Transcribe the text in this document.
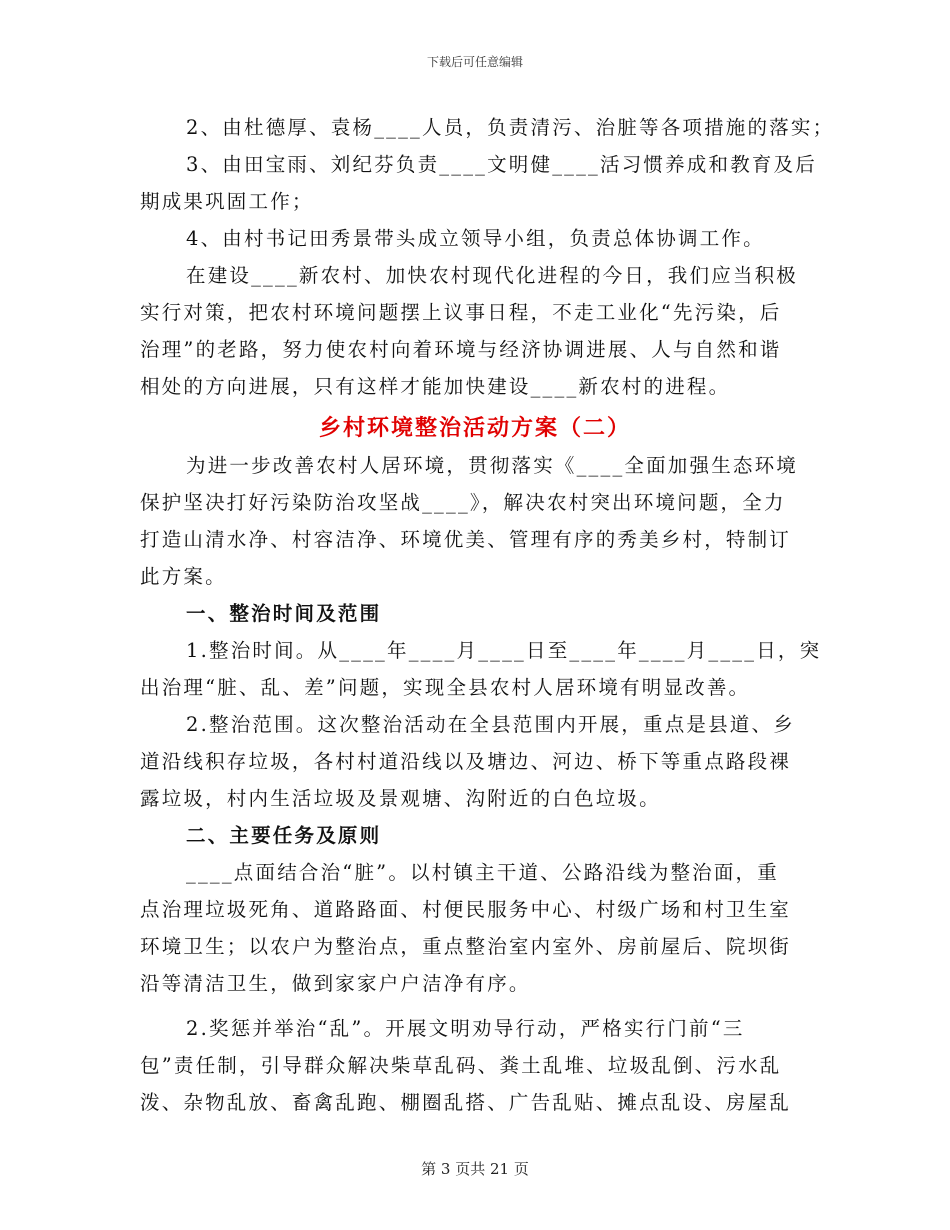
下载后可任意编辑
2、由杜德厚、袁杨____人员，负责清污、治脏等各项措施的落实；
3、由田宝雨、刘纪芬负责____文明健____活习惯养成和教育及后
期成果巩固工作；
4、由村书记田秀景带头成立领导小组，负责总体协调工作。
在建设____新农村、加快农村现代化进程的今日，我们应当积极
实行对策，把农村环境问题摆上议事日程，不走工业化“先污染，后
治理”的老路，努力使农村向着环境与经济协调进展、人与自然和谐
相处的方向进展，只有这样才能加快建设____新农村的进程。
乡村环境整治活动方案（二）
为进一步改善农村人居环境，贯彻落实《____全面加强生态环境
保护坚决打好污染防治攻坚战____》，解决农村突出环境问题，全力
打造山清水净、村容洁净、环境优美、管理有序的秀美乡村，特制订
此方案。
一、整治时间及范围
1.整治时间。从____年____月____日至____年____月____日，突
出治理“脏、乱、差”问题，实现全县农村人居环境有明显改善。
2.整治范围。这次整治活动在全县范围内开展，重点是县道、乡
道沿线积存垃圾，各村村道沿线以及塘边、河边、桥下等重点路段裸
露垃圾，村内生活垃圾及景观塘、沟附近的白色垃圾。
二、主要任务及原则
____点面结合治“脏”。以村镇主干道、公路沿线为整治面，重
点治理垃圾死角、道路路面、村便民服务中心、村级广场和村卫生室
环境卫生；以农户为整治点，重点整治室内室外、房前屋后、院坝街
沿等清洁卫生，做到家家户户洁净有序。
2.奖惩并举治“乱”。开展文明劝导行动，严格实行门前“三
包”责任制，引导群众解决柴草乱码、粪土乱堆、垃圾乱倒、污水乱
泼、杂物乱放、畜禽乱跑、棚圈乱搭、广告乱贴、摊点乱设、房屋乱
第 3 页共 21 页
